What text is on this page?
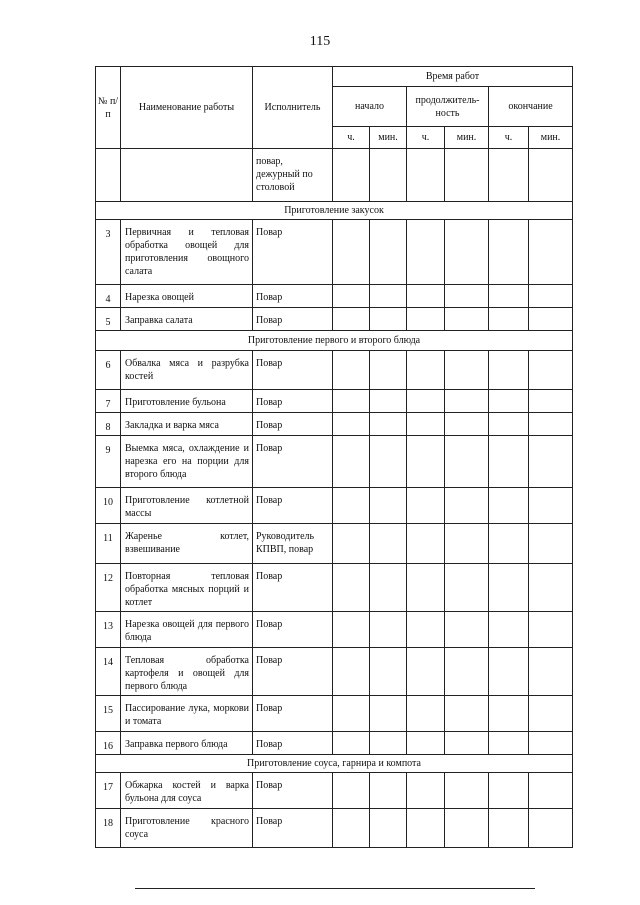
115
№ п/п	Наименование работы	Исполнитель	Время работ					
			начало		продолжитель-ность		окончание	
			ч.	мин.	ч.	мин.	ч.	мин.
		повар, дежурный по столовой						
Приготовление закусок								
3	Первичная и тепловая обработка овощей для приготовления овощного салата	Повар						
4	Нарезка овощей	Повар						
5	Заправка салата	Повар						
Приготовление первого и второго блюда								
6	Обвалка мяса и разрубка костей	Повар						
7	Приготовление бульона	Повар						
8	Закладка и варка мяса	Повар						
9	Выемка мяса, охлаждение и нарезка его на порции для второго блюда	Повар						
10	Приготовление котлетной массы	Повар						
11	Жаренье котлет, взвешивание	Руководитель КПВП, повар						
12	Повторная тепловая обработка мясных порций и котлет	Повар						
13	Нарезка овощей для первого блюда	Повар						
14	Тепловая обработка картофеля и овощей для первого блюда	Повар						
15	Пассирование лука, моркови и томата	Повар						
16	Заправка первого блюда	Повар						
Приготовление соуса, гарнира и компота								
17	Обжарка костей и варка бульона для соуса	Повар						
18	Приготовление красного соуса	Повар						
